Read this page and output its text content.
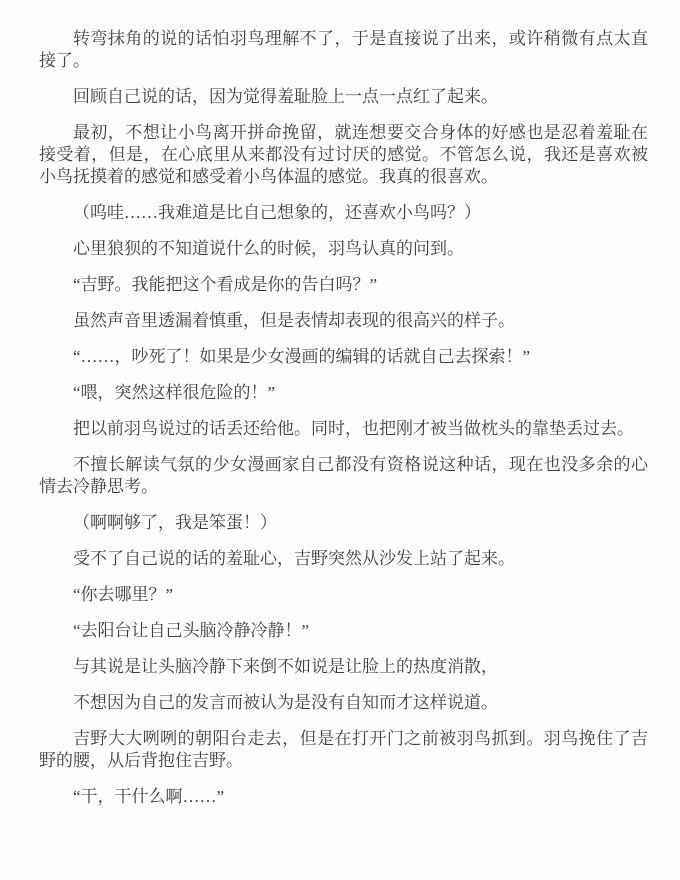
转弯抹角的说的话怕羽鸟理解不了，于是直接说了出来，或许稍微有点太直接了。

回顾自己说的话，因为觉得羞耻脸上一点一点红了起来。

最初，不想让小鸟离开拼命挽留，就连想要交合身体的好感也是忍着羞耻在接受着，但是，在心底里从来都没有过讨厌的感觉。不管怎么说，我还是喜欢被小鸟抚摸着的感觉和感受着小鸟体温的感觉。我真的很喜欢。

（呜哇……我难道是比自己想象的，还喜欢小鸟吗？）

心里狼狈的不知道说什么的时候，羽鸟认真的问到。

“吉野。我能把这个看成是你的告白吗？”

虽然声音里透漏着慎重，但是表情却表现的很高兴的样子。

“……，吵死了！如果是少女漫画的编辑的话就自己去探索！”

“喂，突然这样很危险的！”

把以前羽鸟说过的话丢还给他。同时，也把刚才被当做枕头的靠垫丢过去。

不擅长解读气氛的少女漫画家自己都没有资格说这种话，现在也没多余的心情去冷静思考。

（啊啊够了，我是笨蛋！）

受不了自己说的话的羞耻心，吉野突然从沙发上站了起来。

“你去哪里？”

“去阳台让自己头脑冷静冷静！”

与其说是让头脑冷静下来倒不如说是让脸上的热度消散，

不想因为自己的发言而被认为是没有自知而才这样说道。

吉野大大咧咧的朝阳台走去，但是在打开门之前被羽鸟抓到。羽鸟挽住了吉野的腰，从后背抱住吉野。

“干，干什么啊……”
